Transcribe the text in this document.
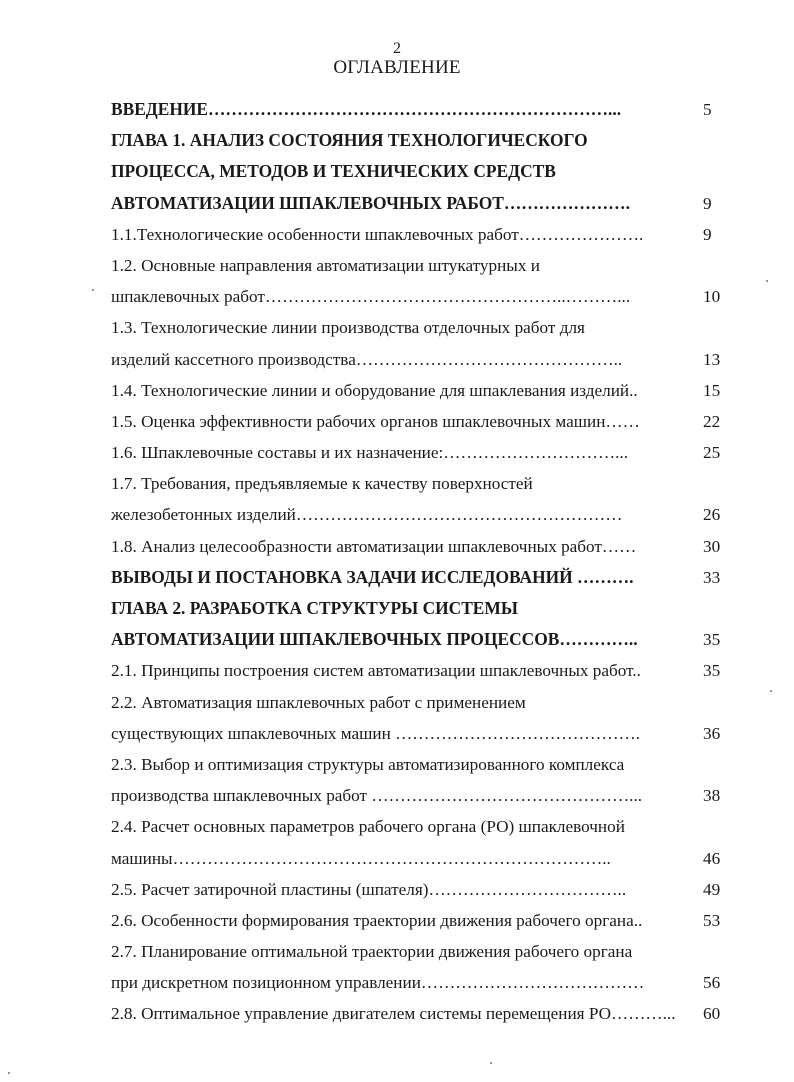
2
ОГЛАВЛЕНИЕ
ВВЕДЕНИЕ……………………………………………………………...	5
ГЛАВА 1. АНАЛИЗ СОСТОЯНИЯ ТЕХНОЛОГИЧЕСКОГО
ПРОЦЕССА, МЕТОДОВ И ТЕХНИЧЕСКИХ СРЕДСТВ
АВТОМАТИЗАЦИИ ШПАКЛЕВОЧНЫХ РАБОТ………………….	9
1.1.Технологические особенности шпаклевочных работ………………….	9
1.2. Основные направления автоматизации штукатурных и
шпаклевочных работ……………………………………………..………...	10
1.3. Технологические линии производства отделочных работ для
изделий кассетного производства………………………………………..	13
1.4. Технологические линии и оборудование для шпаклевания изделий..	15
1.5. Оценка эффективности рабочих органов шпаклевочных машин……	22
1.6. Шпаклевочные составы и их назначение:…………………………...	25
1.7. Требования, предъявляемые к качеству поверхностей
железобетонных изделий…………………………………………………	26
1.8. Анализ целесообразности автоматизации шпаклевочных работ……	30
ВЫВОДЫ И ПОСТАНОВКА ЗАДАЧИ ИССЛЕДОВАНИЙ ……….	33
ГЛАВА 2. РАЗРАБОТКА СТРУКТУРЫ СИСТЕМЫ
АВТОМАТИЗАЦИИ ШПАКЛЕВОЧНЫХ ПРОЦЕССОВ…………..	35
2.1. Принципы построения систем автоматизации шпаклевочных работ..	35
2.2. Автоматизация шпаклевочных работ с применением
существующих шпаклевочных машин …………………………………….	36
2.3. Выбор и оптимизация структуры автоматизированного комплекса
производства шпаклевочных работ ………………………………………...	38
2.4. Расчет основных параметров рабочего органа (РО) шпаклевочной
машины…………………………………………………………………..	46
2.5. Расчет затирочной пластины (шпателя)……………………………..	49
2.6. Особенности формирования траектории движения рабочего органа..	53
2.7. Планирование оптимальной траектории движения рабочего органа
при дискретном позиционном управлении…………………………………	56
2.8. Оптимальное управление двигателем системы перемещения РО………... 60
